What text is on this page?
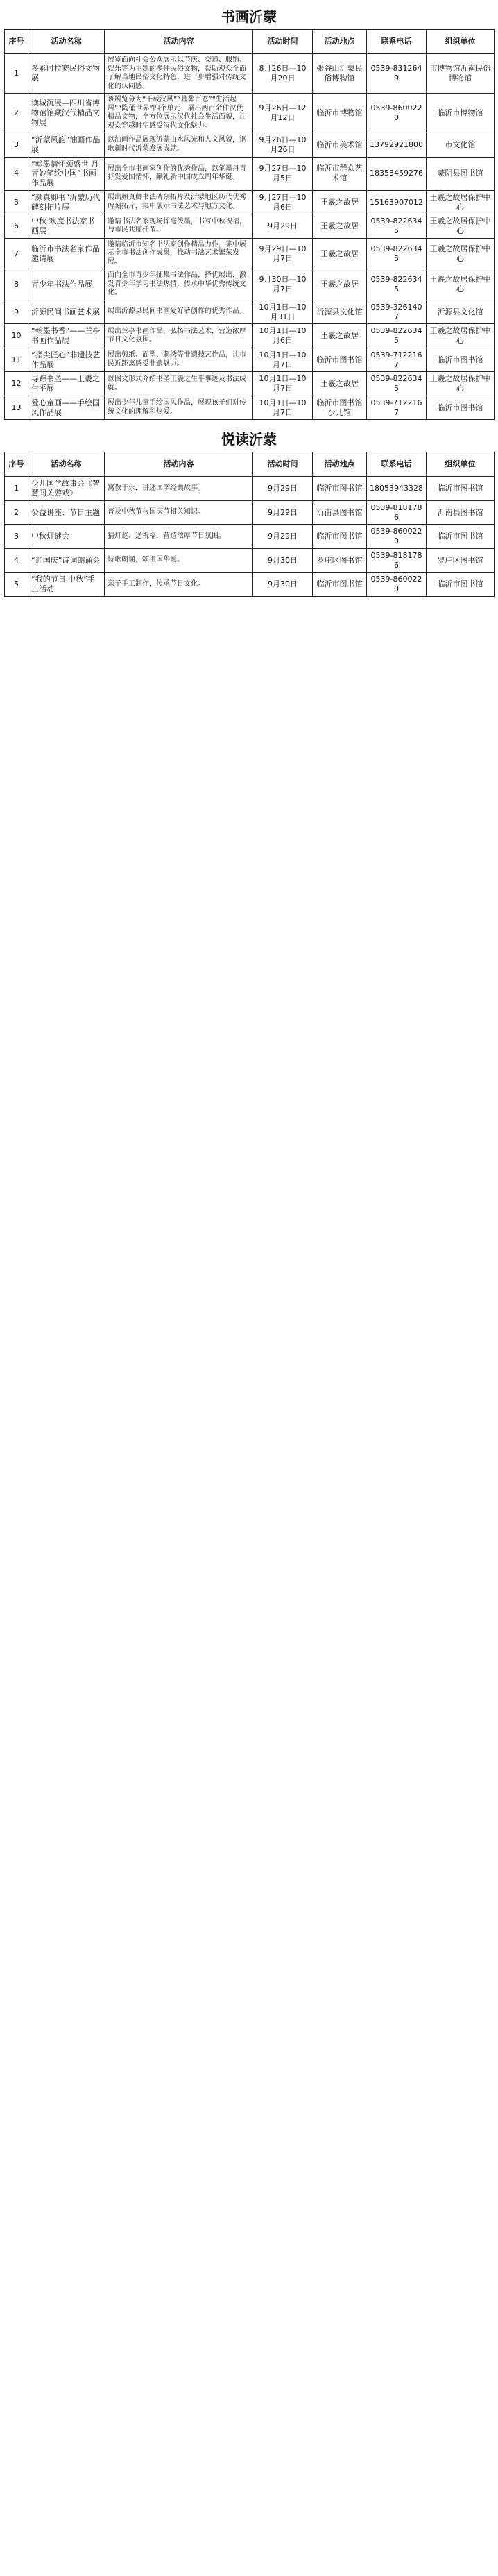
书画沂蒙
序号	活动名称	活动内容	活动时间	活动地点	联系电话	组织单位
1	多彩时拉赛民俗文物展	展览面向社会公众展示以节庆、交通、服饰、娱乐等为主题的多件民俗文物，帮助观众全面了解当地民俗文化特色，进一步增强对传统文化的认同感。	8月26日—10月20日	张谷山沂蒙民俗博物馆	0539-8312649	市博物馆沂南民俗博物馆
2	读城沉浸—四川省博物馆馆藏汉代精品文物展	该展览分为“千载汉风”“墓葬百态”“生活起居”“陶俑世界”四个单元，展出两百余件汉代精品文物，全方位展示汉代社会生活面貌，让观众穿越时空感受汉代文化魅力。	9月26日—12月12日	临沂市博物馆	0539-8600220	临沂市博物馆
3	“沂蒙风韵”油画作品展	以油画作品展现沂蒙山水风光和人文风貌，讴歌新时代沂蒙发展成就。	9月26日—10月26日	临沂市美术馆	13792921800	市文化馆
4	“翰墨情怀颂盛世 丹青妙笔绘中国”书画作品展	展出全市书画家创作的优秀作品，以笔墨丹青抒发爱国情怀，献礼新中国成立周年华诞。	9月27日—10月5日	临沂市群众艺术馆	18353459276	蒙阴县图书馆
5	“颜真卿书”沂蒙历代碑刻拓片展	展出颜真卿书法碑刻拓片及沂蒙地区历代优秀碑刻拓片，集中展示书法艺术与地方文化。	9月27日—10月6日	王羲之故居	15163907012	王羲之故居保护中心
6	中秋·欢度书法家书画展	邀请书法名家现场挥毫泼墨，书写中秋祝福，与市民共度佳节。	9月29日	王羲之故居	0539-8226345	王羲之故居保护中心
7	临沂市书法名家作品邀请展	邀请临沂市知名书法家创作精品力作，集中展示全市书法创作成果，推动书法艺术繁荣发展。	9月29日—10月7日	王羲之故居	0539-8226345	王羲之故居保护中心
8	青少年书法作品展	面向全市青少年征集书法作品，择优展出，激发青少年学习书法热情，传承中华优秀传统文化。	9月30日—10月7日	王羲之故居	0539-8226345	王羲之故居保护中心
9	沂源民间书画艺术展	展出沂源县民间书画爱好者创作的优秀作品。	10月1日—10月31日	沂源县文化馆	0539-3261407	沂源县文化馆
10	“翰墨书香”——兰亭书画作品展	展出兰亭书画作品，弘扬书法艺术，营造浓厚节日文化氛围。	10月1日—10月6日	王羲之故居	0539-8226345	王羲之故居保护中心
11	“指尖匠心”非遗技艺作品展	展出剪纸、面塑、刺绣等非遗技艺作品，让市民近距离感受非遗魅力。	10月1日—10月7日	临沂市图书馆	0539-7122167	临沂市图书馆
12	寻踪书圣——王羲之生平展	以图文形式介绍书圣王羲之生平事迹及书法成就。	10月1日—10月7日	王羲之故居	0539-8226345	王羲之故居保护中心
13	爱心童画——手绘国风作品展	展出少年儿童手绘国风作品，展现孩子们对传统文化的理解和热爱。	10月1日—10月7日	临沂市图书馆少儿馆	0539-7122167	临沂市图书馆
悦读沂蒙
序号	活动名称	活动内容	活动时间	活动地点	联系电话	组织单位
1	少儿国学故事会《智慧闯关游戏》	寓教于乐，讲述国学经典故事。	9月29日	临沂市图书馆	18053943328	临沂市图书馆
2	公益讲座：节日主题	普及中秋节与国庆节相关知识。	9月29日	沂南县图书馆	0539-8181786	沂南县图书馆
3	中秋灯谜会	猜灯谜、送祝福，营造浓厚节日氛围。	9月29日	临沂市图书馆	0539-8600220	临沂市图书馆
4	“迎国庆”诗词朗诵会	诗歌朗诵，颂祖国华诞。	9月30日	罗庄区图书馆	0539-8181786	罗庄区图书馆
5	“我的节日·中秋”手工活动	亲子手工制作，传承节日文化。	9月30日	临沂市图书馆	0539-8600220	临沂市图书馆
